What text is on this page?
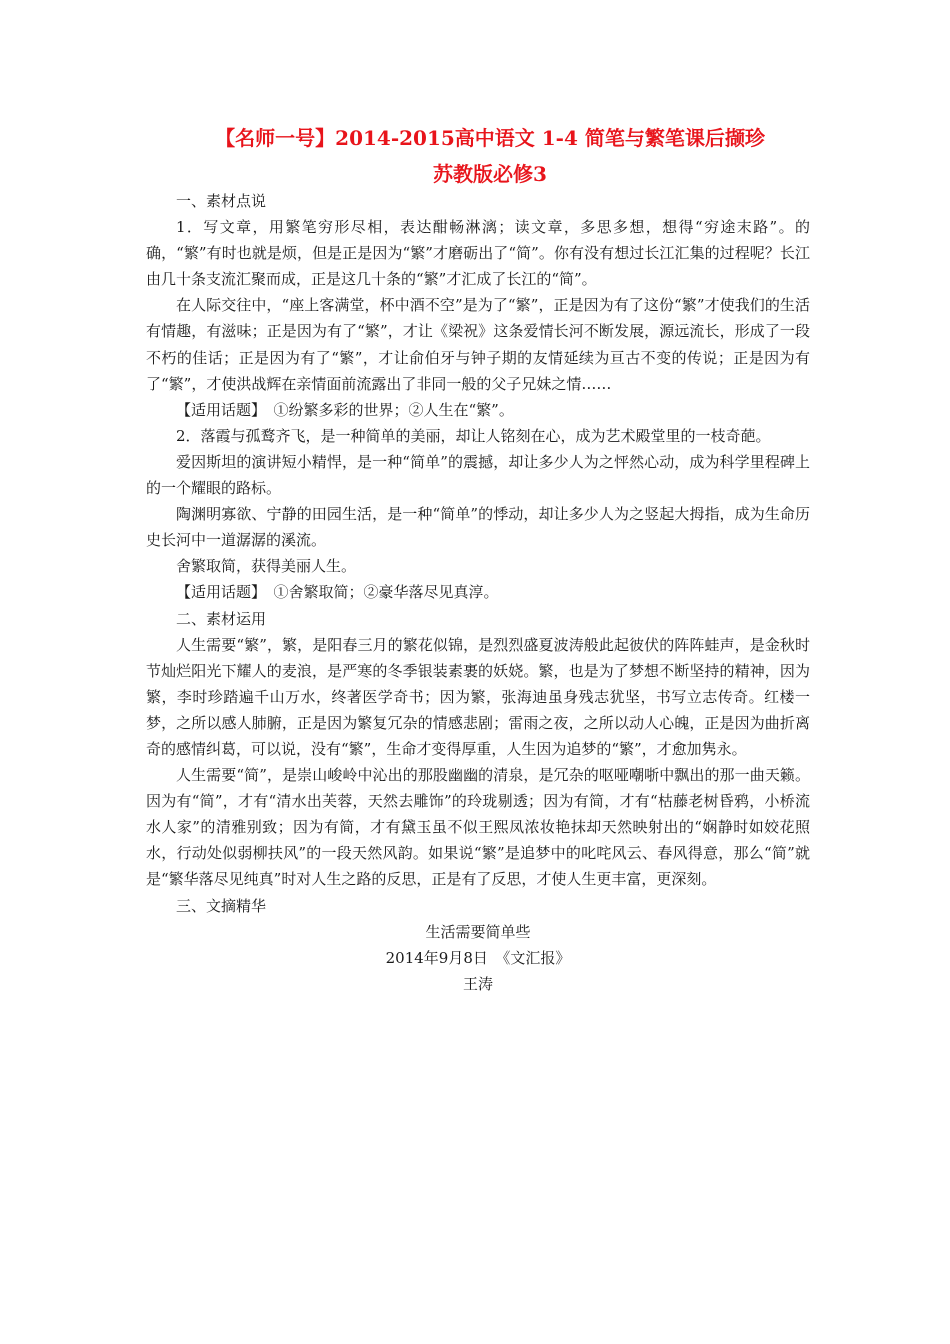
【名师一号】2014-2015高中语文 1-4 简笔与繁笔课后撷珍
苏教版必修3

一、素材点说

1．写文章，用繁笔穷形尽相，表达酣畅淋漓；读文章，多思多想，想得“穷途末路”。的确，“繁”有时也就是烦，但是正是因为“繁”才磨砺出了“简”。你有没有想过长江汇集的过程呢？长江由几十条支流汇聚而成，正是这几十条的“繁”才汇成了长江的“简”。

在人际交往中，“座上客满堂，杯中酒不空”是为了“繁”，正是因为有了这份“繁”才使我们的生活有情趣，有滋味；正是因为有了“繁”，才让《梁祝》这条爱情长河不断发展，源远流长，形成了一段不朽的佳话；正是因为有了“繁”，才让俞伯牙与钟子期的友情延续为亘古不变的传说；正是因为有了“繁”，才使洪战辉在亲情面前流露出了非同一般的父子兄妹之情……

【适用话题】　①纷繁多彩的世界；②人生在“繁”。

2．落霞与孤鹜齐飞，是一种简单的美丽，却让人铭刻在心，成为艺术殿堂里的一枝奇葩。

爱因斯坦的演讲短小精悍，是一种“简单”的震撼，却让多少人为之怦然心动，成为科学里程碑上的一个耀眼的路标。

陶渊明寡欲、宁静的田园生活，是一种“简单”的悸动，却让多少人为之竖起大拇指，成为生命历史长河中一道潺潺的溪流。

舍繁取简，获得美丽人生。

【适用话题】　①舍繁取简；②豪华落尽见真淳。

二、素材运用

人生需要“繁”，繁，是阳春三月的繁花似锦，是烈烈盛夏波涛般此起彼伏的阵阵蛙声，是金秋时节灿烂阳光下耀人的麦浪，是严寒的冬季银装素裹的妖娆。繁，也是为了梦想不断坚持的精神，因为繁，李时珍踏遍千山万水，终著医学奇书；因为繁，张海迪虽身残志犹坚，书写立志传奇。红楼一梦，之所以感人肺腑，正是因为繁复冗杂的情感悲剧；雷雨之夜，之所以动人心魄，正是因为曲折离奇的感情纠葛，可以说，没有“繁”，生命才变得厚重，人生因为追梦的“繁”，才愈加隽永。

人生需要“简”，是崇山峻岭中沁出的那股幽幽的清泉，是冗杂的呕哑嘲哳中飘出的那一曲天籁。因为有“简”，才有“清水出芙蓉，天然去雕饰”的玲珑剔透；因为有简，才有“枯藤老树昏鸦，小桥流水人家”的清雅别致；因为有简，才有黛玉虽不似王熙凤浓妆艳抹却天然映射出的“娴静时如姣花照水，行动处似弱柳扶风”的一段天然风韵。如果说“繁”是追梦中的叱咤风云、春风得意，那么“简”就是“繁华落尽见纯真”时对人生之路的反思，正是有了反思，才使人生更丰富，更深刻。

三、文摘精华

生活需要简单些

2014年9月8日　《文汇报》

王涛
